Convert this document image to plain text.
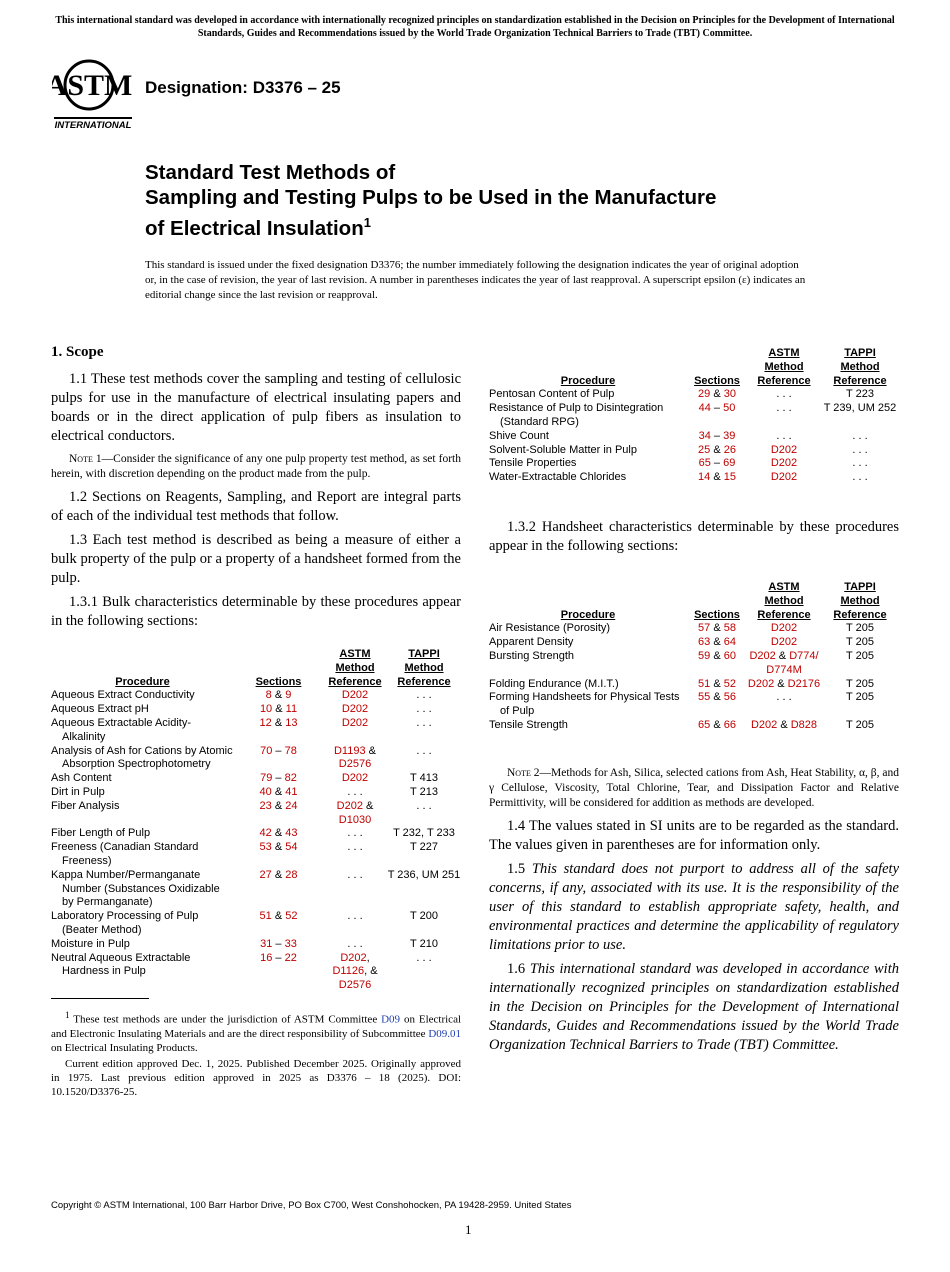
This international standard was developed in accordance with internationally recognized principles on standardization established in the Decision on Principles for the Development of International Standards, Guides and Recommendations issued by the World Trade Organization Technical Barriers to Trade (TBT) Committee.
ASTM
INTERNATIONAL
Designation: D3376 – 25
Standard Test Methods of
Sampling and Testing Pulps to be Used in the Manufacture
of Electrical Insulation$^1$
This standard is issued under the fixed designation D3376; the number immediately following the designation indicates the year of original adoption or, in the case of revision, the year of last revision. A number in parentheses indicates the year of last reapproval. A superscript epsilon (ε) indicates an editorial change since the last revision or reapproval.
1. Scope

1.1 These test methods cover the sampling and testing of cellulosic pulps for use in the manufacture of electrical insulating papers and boards or in the direct application of pulp fibers as insulation to electrical conductors.

Note 1—Consider the significance of any one pulp property test method, as set forth herein, with discretion depending on the product made from the pulp.

1.2 Sections on Reagents, Sampling, and Report are integral parts of each of the individual test methods that follow.

1.3 Each test method is described as being a measure of either a bulk property of the pulp or a property of a handsheet formed from the pulp.

1.3.1 Bulk characteristics determinable by these procedures appear in the following sections:

Procedure	Sections	ASTM
Method
Reference	TAPPI
Method
Reference
Aqueous Extract Conductivity	8 & 9	D202	. . .
Aqueous Extract pH	10 & 11	D202	. . .
Aqueous Extractable Acidity-Alkalinity	12 & 13	D202	. . .
Analysis of Ash for Cations by Atomic Absorption Spectrophotometry	70 – 78	D1193 & D2576	. . .
Ash Content	79 – 82	D202	T 413
Dirt in Pulp	40 & 41	. . .	T 213
Fiber Analysis	23 & 24	D202 & D1030	. . .
Fiber Length of Pulp	42 & 43	. . .	T 232, T 233
Freeness (Canadian Standard Freeness)	53 & 54	. . .	T 227
Kappa Number/Permanganate Number (Substances Oxidizable by Permanganate)	27 & 28	. . .	T 236, UM 251
Laboratory Processing of Pulp (Beater Method)	51 & 52	. . .	T 200
Moisture in Pulp	31 – 33	. . .	T 210
Neutral Aqueous Extractable Hardness in Pulp	16 – 22	D202, D1126, & D2576	. . .

$^1$ These test methods are under the jurisdiction of ASTM Committee D09 on Electrical and Electronic Insulating Materials and are the direct responsibility of Subcommittee D09.01 on Electrical Insulating Products.

Current edition approved Dec. 1, 2025. Published December 2025. Originally approved in 1975. Last previous edition approved in 2025 as D3376 – 18 (2025). DOI: 10.1520/D3376-25.

Procedure	Sections	ASTM
Method
Reference	TAPPI
Method
Reference
Pentosan Content of Pulp	29 & 30	. . .	T 223
Resistance of Pulp to Disintegration (Standard RPG)	44 – 50	. . .	T 239, UM 252
Shive Count	34 – 39	. . .	. . .
Solvent-Soluble Matter in Pulp	25 & 26	D202	. . .
Tensile Properties	65 – 69	D202	. . .
Water-Extractable Chlorides	14 & 15	D202	. . .

1.3.2 Handsheet characteristics determinable by these procedures appear in the following sections:

Procedure	Sections	ASTM
Method
Reference	TAPPI
Method
Reference
Air Resistance (Porosity)	57 & 58	D202	T 205
Apparent Density	63 & 64	D202	T 205
Bursting Strength	59 & 60	D202 & D774/ D774M	T 205
Folding Endurance (M.I.T.)	51 & 52	D202 & D2176	T 205
Forming Handsheets for Physical Tests of Pulp	55 & 56	. . .	T 205
Tensile Strength	65 & 66	D202 & D828	T 205

Note 2—Methods for Ash, Silica, selected cations from Ash, Heat Stability, α, β, and γ Cellulose, Viscosity, Total Chlorine, Tear, and Dissipation Factor and Relative Permittivity, will be considered for addition as methods are developed.

1.4 The values stated in SI units are to be regarded as the standard. The values given in parentheses are for information only.

1.5 This standard does not purport to address all of the safety concerns, if any, associated with its use. It is the responsibility of the user of this standard to establish appropriate safety, health, and environmental practices and determine the applicability of regulatory limitations prior to use.

1.6 This international standard was developed in accordance with internationally recognized principles on standardization established in the Decision on Principles for the Development of International Standards, Guides and Recommendations issued by the World Trade Organization Technical Barriers to Trade (TBT) Committee.

Copyright © ASTM International, 100 Barr Harbor Drive, PO Box C700, West Conshohocken, PA 19428-2959. United States
1
